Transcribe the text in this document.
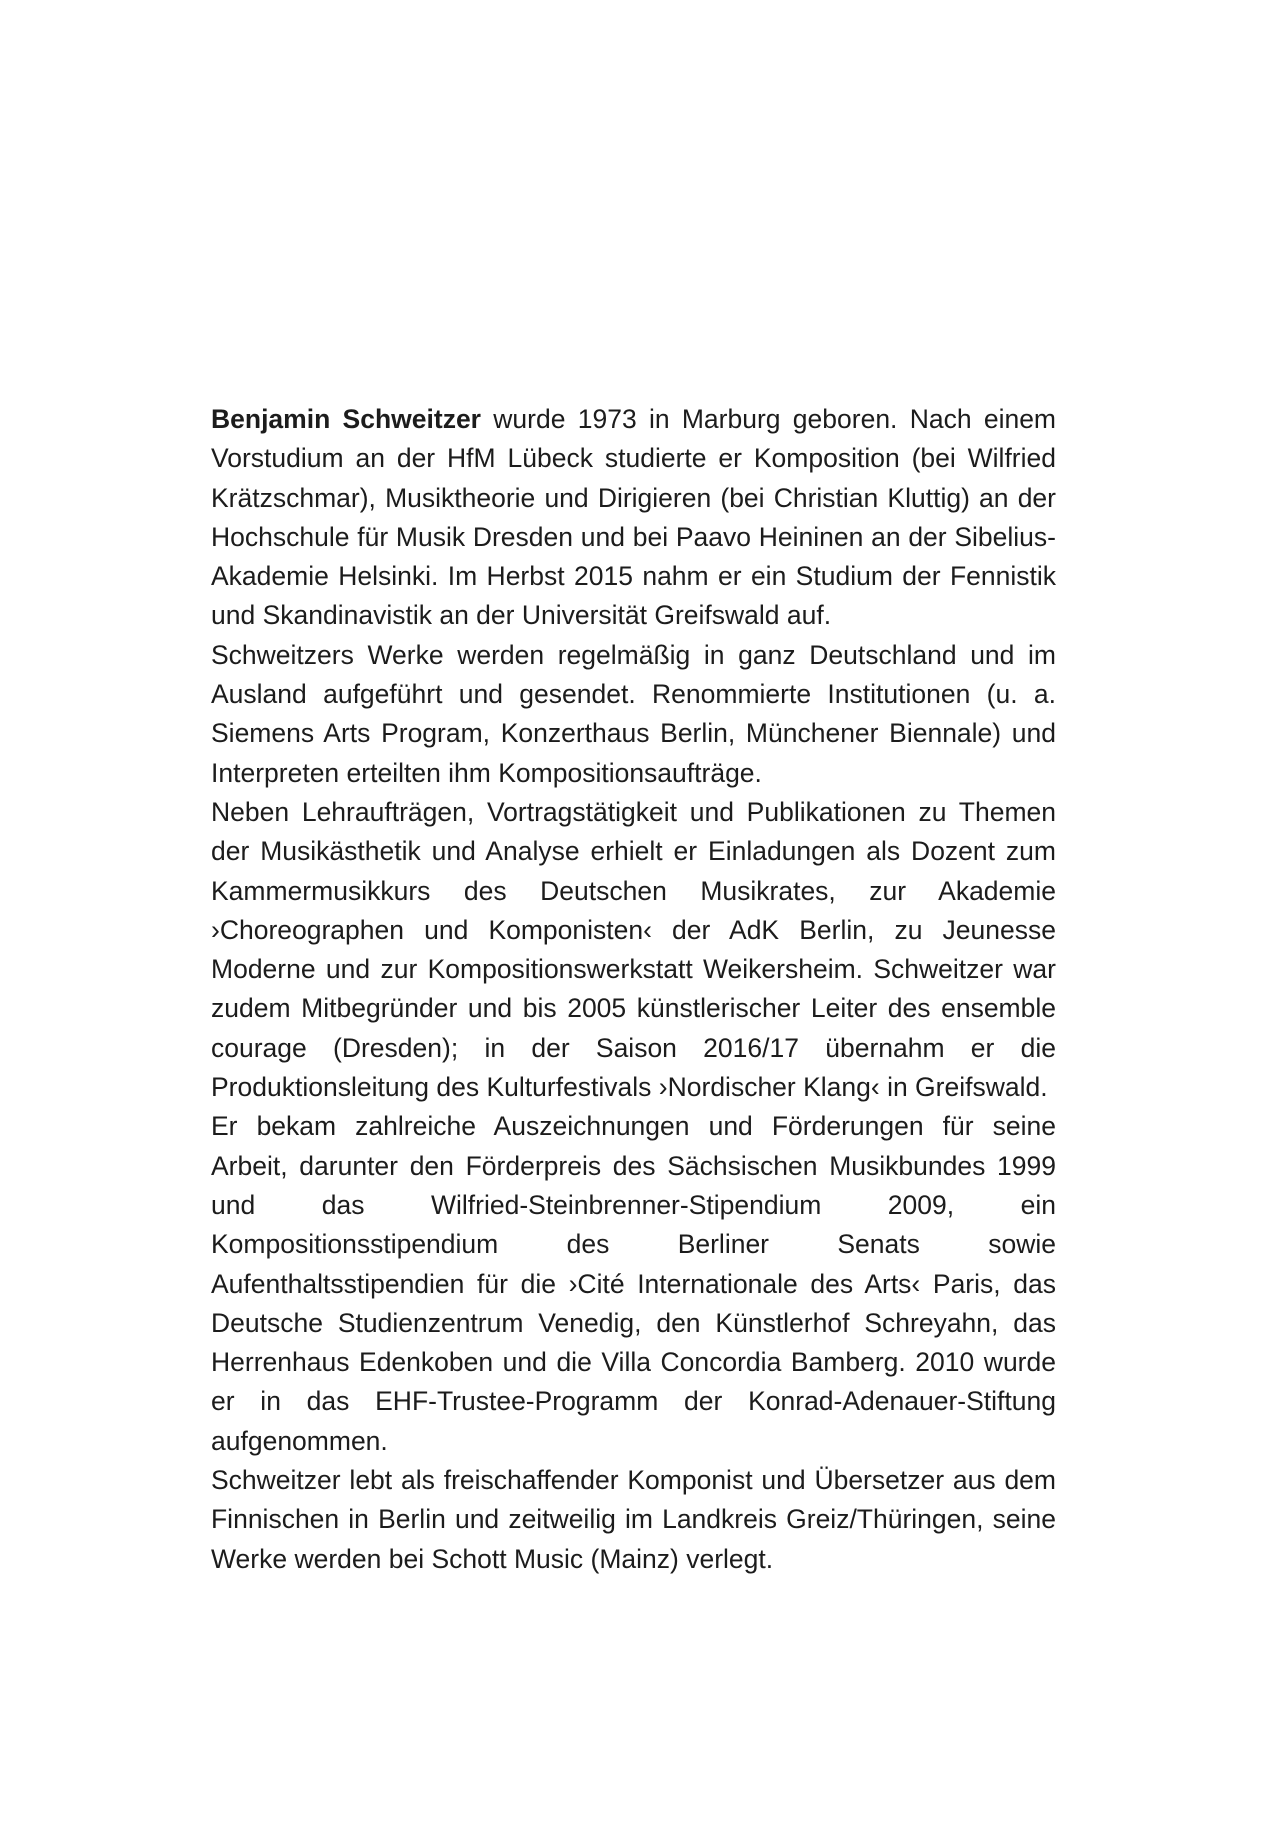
Benjamin Schweitzer wurde 1973 in Marburg geboren. Nach einem Vorstudium an der HfM Lübeck studierte er Komposition (bei Wilfried Krätzschmar), Musiktheorie und Dirigieren (bei Christian Kluttig) an der Hochschule für Musik Dresden und bei Paavo Heininen an der Sibelius-Akademie Helsinki. Im Herbst 2015 nahm er ein Studium der Fennistik und Skandinavistik an der Universität Greifswald auf.

Schweitzers Werke werden regelmäßig in ganz Deutschland und im Ausland aufgeführt und gesendet. Renommierte Institutionen (u. a. Siemens Arts Program, Konzerthaus Berlin, Münchener Biennale) und Interpreten erteilten ihm Kompositionsaufträge.

Neben Lehraufträgen, Vortragstätigkeit und Publikationen zu Themen der Musikästhetik und Analyse erhielt er Einladungen als Dozent zum Kammermusikkurs des Deutschen Musikrates, zur Akademie ›Choreographen und Komponisten‹ der AdK Berlin, zu Jeunesse Moderne und zur Kompositionswerkstatt Weikersheim. Schweitzer war zudem Mitbegründer und bis 2005 künstlerischer Leiter des ensemble courage (Dresden); in der Saison 2016/17 übernahm er die Produktionsleitung des Kulturfestivals ›Nordischer Klang‹ in Greifswald.

Er bekam zahlreiche Auszeichnungen und Förderungen für seine Arbeit, darunter den Förderpreis des Sächsischen Musikbundes 1999 und das Wilfried-Steinbrenner-Stipendium 2009, ein Kompositionsstipendium des Berliner Senats sowie Aufenthaltsstipendien für die ›Cité Internationale des Arts‹ Paris, das Deutsche Studienzentrum Venedig, den Künstlerhof Schreyahn, das Herrenhaus Edenkoben und die Villa Concordia Bamberg. 2010 wurde er in das EHF-Trustee-Programm der Konrad-Adenauer-Stiftung aufgenommen.

Schweitzer lebt als freischaffender Komponist und Übersetzer aus dem Finnischen in Berlin und zeitweilig im Landkreis Greiz/Thüringen, seine Werke werden bei Schott Music (Mainz) verlegt.
